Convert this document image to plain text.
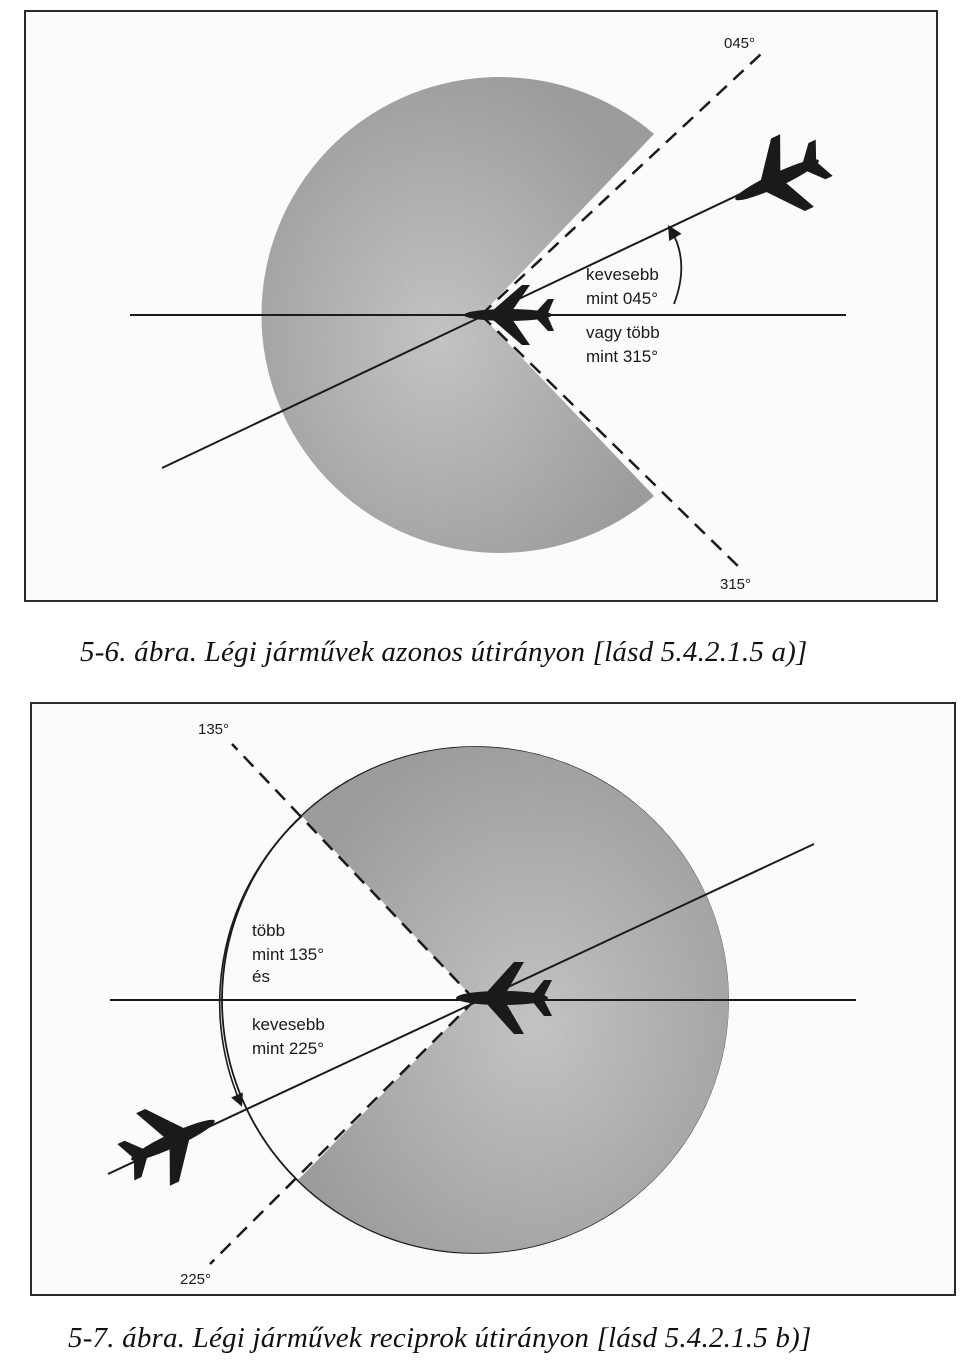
045°
315°
kevesebb
mint 045°
vagy több
mint 315°
5-6. ábra. Légi járművek azonos útirányon [lásd 5.4.2.1.5 a)]
135°
225°
több
mint 135°
és
kevesebb
mint 225°
5-7. ábra. Légi járművek reciprok útirányon [lásd 5.4.2.1.5 b)]
